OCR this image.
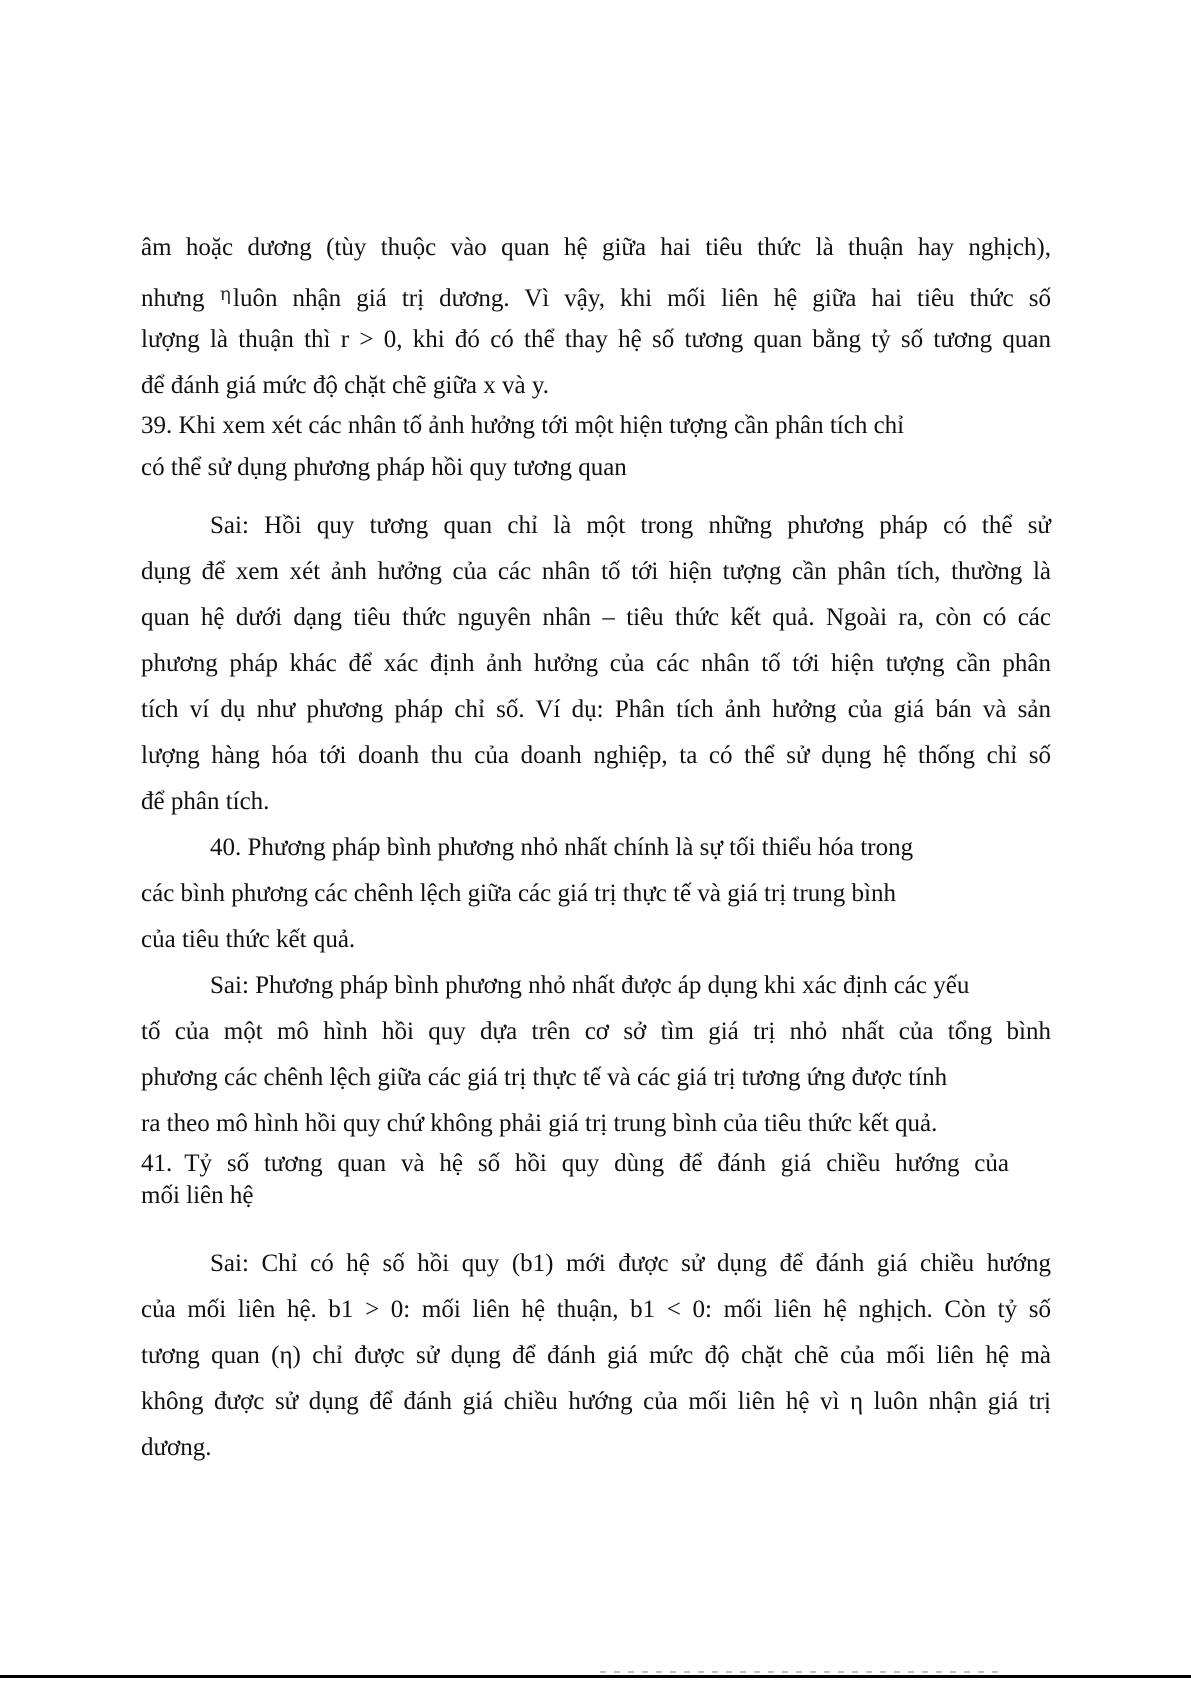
âm hoặc dương (tùy thuộc vào quan hệ giữa hai tiêu thức là thuận hay nghịch),
nhưng ηluôn nhận giá trị dương. Vì vậy, khi mối liên hệ giữa hai tiêu thức số
lượng là thuận thì r > 0, khi đó có thể thay hệ số tương quan bằng tỷ số tương quan
để đánh giá mức độ chặt chẽ giữa x và y.
39. Khi xem xét các nhân tố ảnh hưởng tới một hiện tượng cần phân tích chỉ
có thể sử dụng phương pháp hồi quy tương quan
Sai: Hồi quy tương quan chỉ là một trong những phương pháp có thể sử
dụng để xem xét ảnh hưởng của các nhân tố tới hiện tượng cần phân tích, thường là
quan hệ dưới dạng tiêu thức nguyên nhân – tiêu thức kết quả. Ngoài ra, còn có các
phương pháp khác để xác định ảnh hưởng của các nhân tố tới hiện tượng cần phân
tích ví dụ như phương pháp chỉ số. Ví dụ: Phân tích ảnh hưởng của giá bán và sản
lượng hàng hóa tới doanh thu của doanh nghiệp, ta có thể sử dụng hệ thống chỉ số
để phân tích.
40. Phương pháp bình phương nhỏ nhất chính là sự tối thiểu hóa trong
các bình phương các chênh lệch giữa các giá trị thực tế và giá trị trung bình
của tiêu thức kết quả.
Sai: Phương pháp bình phương nhỏ nhất được áp dụng khi xác định các yếu
tố của một mô hình hồi quy dựa trên cơ sở tìm giá trị nhỏ nhất của tổng bình
phương các chênh lệch giữa các giá trị thực tế và các giá trị tương ứng được tính
ra theo mô hình hồi quy chứ không phải giá trị trung bình của tiêu thức kết quả.
41. Tỷ số tương quan và hệ số hồi quy dùng để đánh giá chiều hướng của
mối liên hệ
Sai: Chỉ có hệ số hồi quy (b1) mới được sử dụng để đánh giá chiều hướng
của mối liên hệ. b1 > 0: mối liên hệ thuận, b1 < 0: mối liên hệ nghịch. Còn tỷ số
tương quan (η) chỉ được sử dụng để đánh giá mức độ chặt chẽ của mối liên hệ mà
không được sử dụng để đánh giá chiều hướng của mối liên hệ vì η luôn nhận giá trị
dương.
